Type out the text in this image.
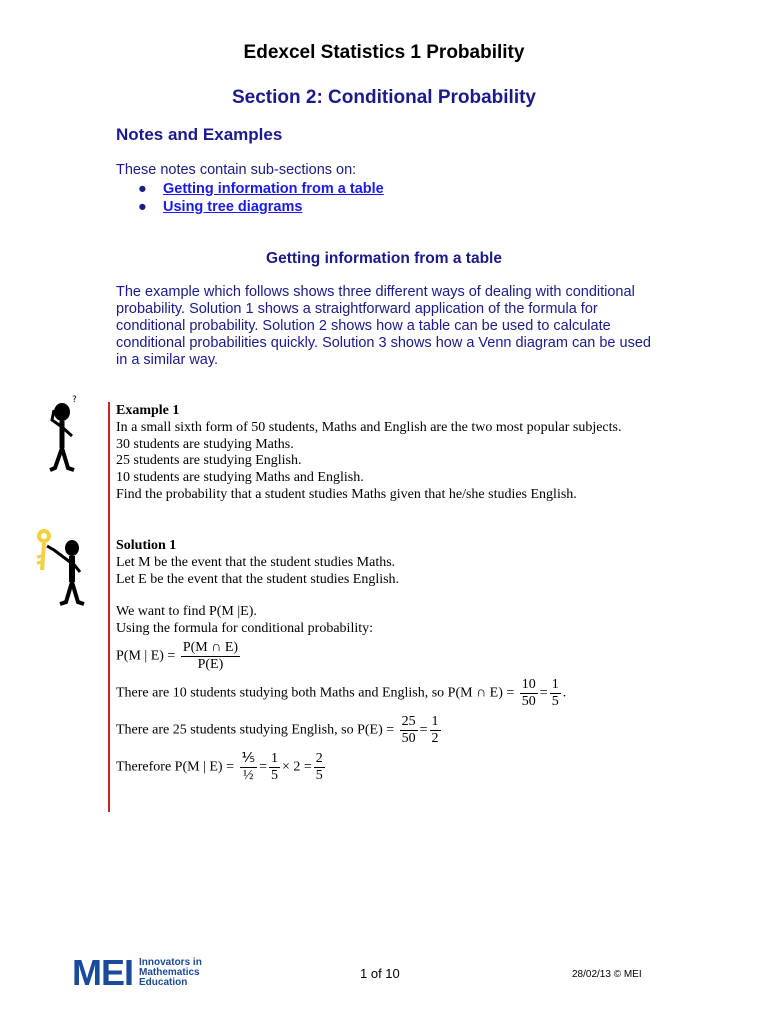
Edexcel Statistics 1 Probability
Section 2: Conditional Probability
Notes and Examples
These notes contain sub-sections on:
● Getting information from a table
● Using tree diagrams
Getting information from a table
The example which follows shows three different ways of dealing with conditional probability. Solution 1 shows a straightforward application of the formula for conditional probability. Solution 2 shows how a table can be used to calculate conditional probabilities quickly. Solution 3 shows how a Venn diagram can be used in a similar way.
?
Example 1
In a small sixth form of 50 students, Maths and English are the two most popular subjects.
30 students are studying Maths.
25 students are studying English.
10 students are studying Maths and English.
Find the probability that a student studies Maths given that he/she studies English.
Solution 1
Let M be the event that the student studies Maths.
Let E be the event that the student studies English.
We want to find P(M |E).
Using the formula for conditional probability:
P(M | $E) = \frac{P(M \cap E)}{P(E)}$
There are 10 students studying both Maths and English, so P(M ∩ $E) = \frac{10}{50} = \frac{1}{5}$ .
There are 25 students studying English, so $P(E) = \frac{25}{50} = \frac{1}{2}$
Therefore P(M | $E) = \frac{\text{⅕}}{\text{½}} = \frac{1}{5} \times 2 = \frac{2}{5}$
MEI Innovators in
Mathematics
Education
1 of 10	28/02/13 © MEI
